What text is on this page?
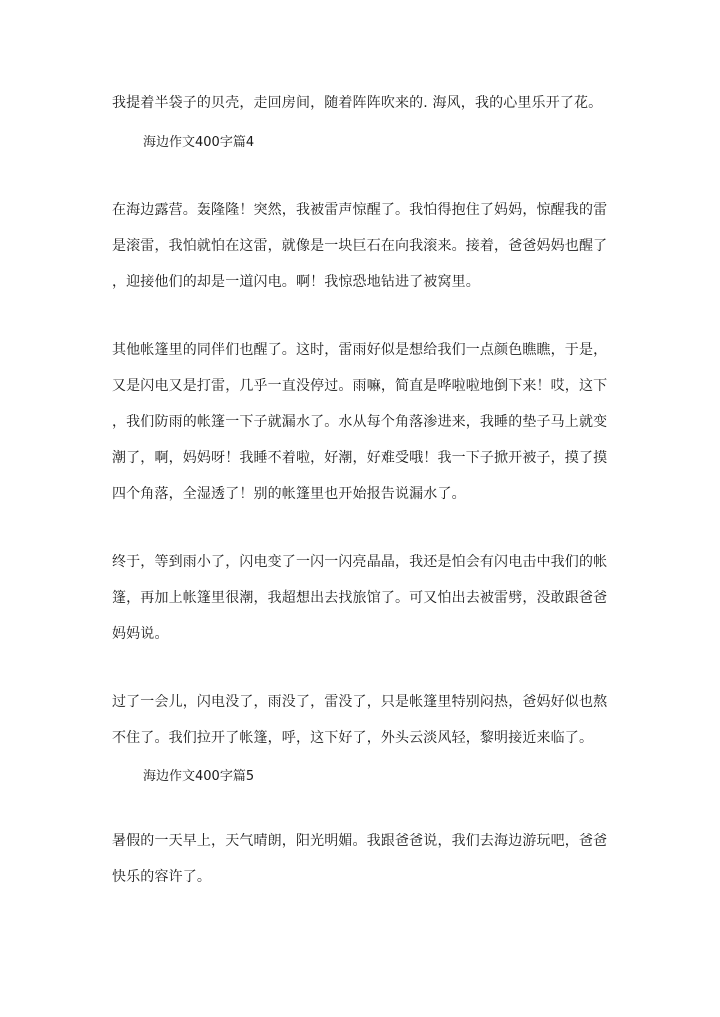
我提着半袋子的贝壳，走回房间，随着阵阵吹来的. 海风，我的心里乐开了花。
海边作文400字篇4
在海边露营。轰隆隆！突然，我被雷声惊醒了。我怕得抱住了妈妈，惊醒我的雷
是滚雷，我怕就怕在这雷，就像是一块巨石在向我滚来。接着，爸爸妈妈也醒了
，迎接他们的却是一道闪电。啊！我惊恐地钻进了被窝里。
其他帐篷里的同伴们也醒了。这时，雷雨好似是想给我们一点颜色瞧瞧，于是，
又是闪电又是打雷，几乎一直没停过。雨嘛，简直是哗啦啦地倒下来！哎，这下
，我们防雨的帐篷一下子就漏水了。水从每个角落渗进来，我睡的垫子马上就变
潮了，啊，妈妈呀！我睡不着啦，好潮，好难受哦！我一下子掀开被子，摸了摸
四个角落，全湿透了！别的帐篷里也开始报告说漏水了。
终于，等到雨小了，闪电变了一闪一闪亮晶晶，我还是怕会有闪电击中我们的帐
篷，再加上帐篷里很潮，我超想出去找旅馆了。可又怕出去被雷劈，没敢跟爸爸
妈妈说。
过了一会儿，闪电没了，雨没了，雷没了，只是帐篷里特别闷热，爸妈好似也熬
不住了。我们拉开了帐篷，呼，这下好了，外头云淡风轻，黎明接近来临了。
海边作文400字篇5
暑假的一天早上，天气晴朗，阳光明媚。我跟爸爸说，我们去海边游玩吧，爸爸
快乐的容许了。
